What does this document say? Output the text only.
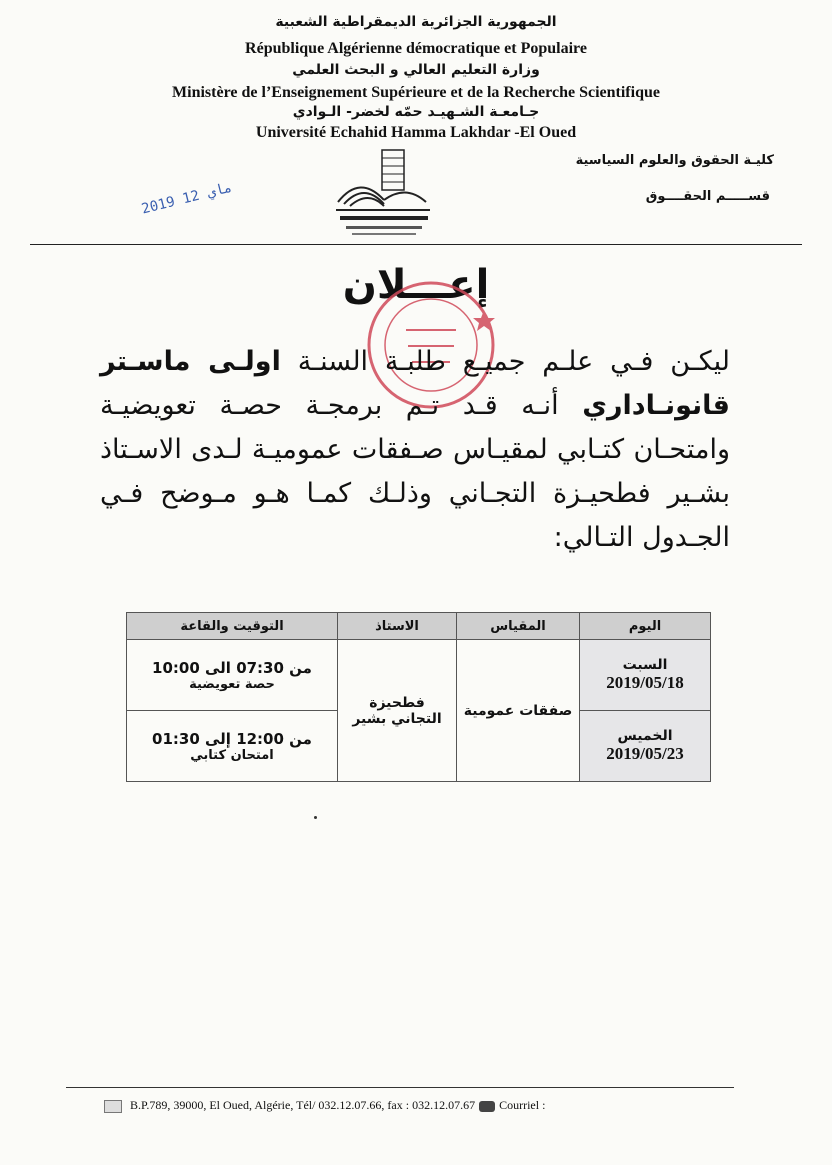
الجمهورية الجزائرية الديمقراطية الشعبية
République Algérienne démocratique et Populaire
وزارة التعليم العالي و البحث العلمي
Ministère de l’Enseignement Supérieure et de la Recherche Scientifique
جـامعـة الشـهيـد حمّه لخضر- الـوادي
Université Echahid Hamma Lakhdar -El Oued
كليـة الحقوق والعلوم السياسية
قســـــم الحقــــوق
2019 ماي 12
إعـــلان
ليكـن فـي علـم جميـع طلبـة السنـة اولـى ماسـتر قانونـاداري أنـه قـد تـم برمجـة حصـة تعويضيـة وامتحـان كتـابي لمقيـاس صـفقات عموميـة لـدى الاسـتاذ بشـير فطحيـزة التجـاني وذلـك كمـا هـو مـوضح فـي الجـدول التـالي:
اليوم	المقياس	الاستاذ	التوقيت والقاعة

السبت
2019/05/18	صفقات عمومية	فطحيزة التجاني بشير	من 07:30 الى 10:00
حصة تعويضية

الخميس
2019/05/23			من 12:00 إلى 01:30
امتحان كتابي
B.P.789, 39000, El Oued, Algérie, Tél/ 032.12.07.66, fax : 032.12.07.67 Courriel :
